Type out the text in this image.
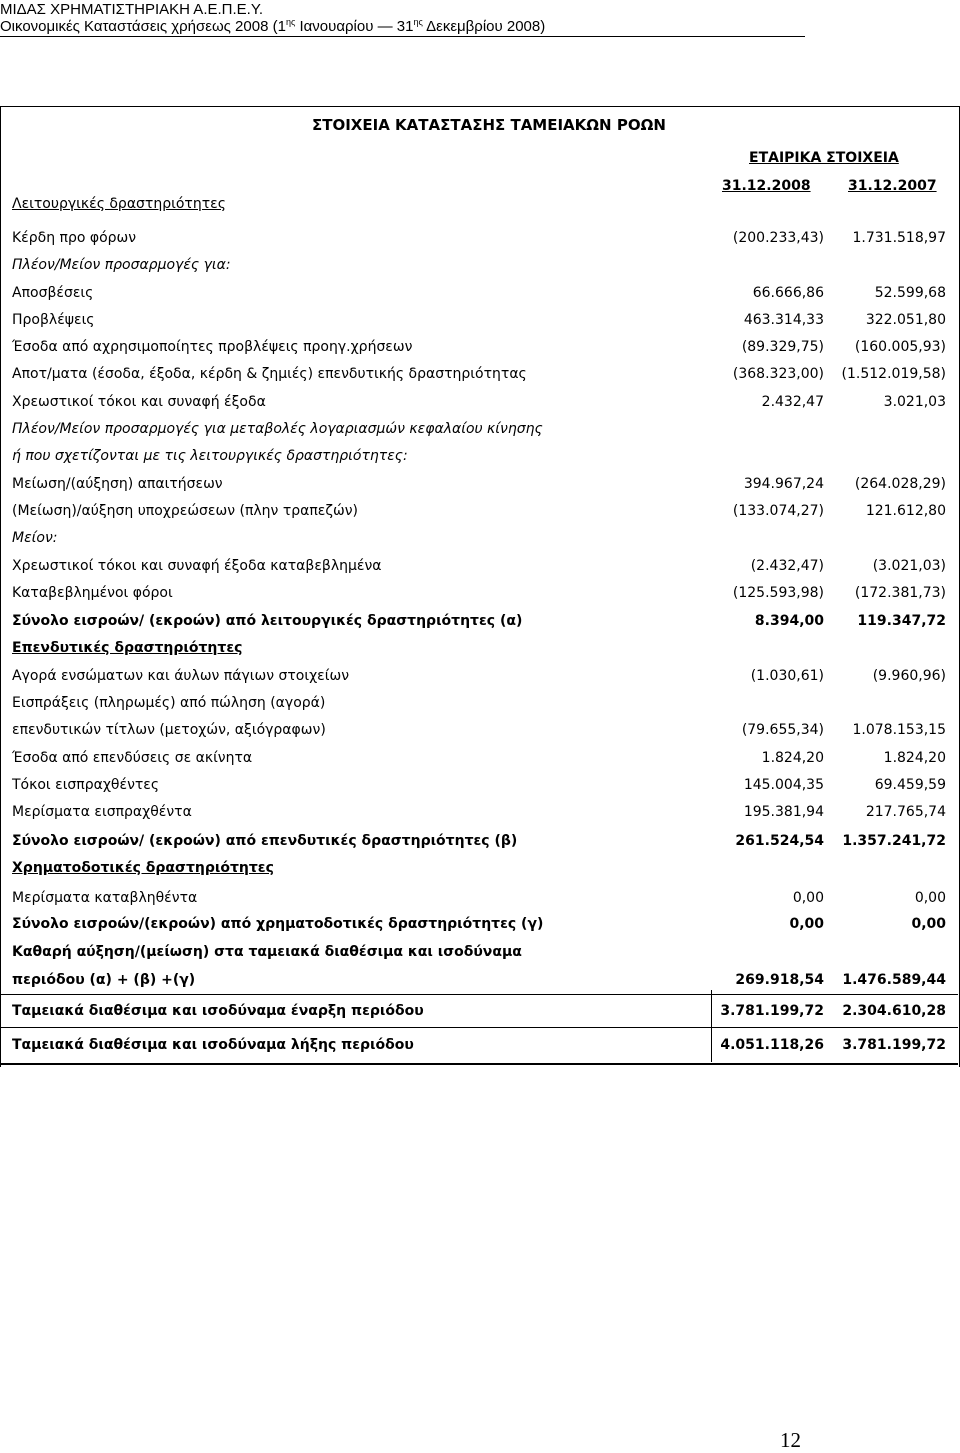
ΜΙΔΑΣ ΧΡΗΜΑΤΙΣΤΗΡΙΑΚΗ Α.Ε.Π.Ε.Υ.
Οικονομικές Καταστάσεις χρήσεως 2008 ($1^{\eta\varsigma}$ Ιανουαρίου — $31^{\eta\varsigma}$ Δεκεμβρίου 2008)
ΣΤΟΙΧΕΙΑ ΚΑΤΑΣΤΑΣΗΣ ΤΑΜΕΙΑΚΩΝ ΡΟΩΝ
ΕΤΑΙΡΙΚΑ ΣΤΟΙΧΕΙΑ
31.12.2008	31.12.2007
Λειτουργικές δραστηριότητες
Κέρδη προ φόρων	(200.233,43) 1.731.518,97
Πλέον/Μείον προσαρμογές για:
Αποσβέσεις	66.666,86	52.599,68
Προβλέψεις	463.314,33	322.051,80
Έσοδα από αχρησιμοποίητες προβλέψεις προηγ.χρήσεων	(89.329,75) (160.005,93)
Αποτ/ματα (έσοδα, έξοδα, κέρδη & ζημιές) επενδυτικής δραστηριότητας	(368.323,00) (1.512.019,58)
Χρεωστικοί τόκοι και συναφή έξοδα	2.432,47	3.021,03
Πλέον/Μείον προσαρμογές για μεταβολές λογαριασμών κεφαλαίου κίνησης
ή που σχετίζονται με τις λειτουργικές δραστηριότητες:
Μείωση/(αύξηση) απαιτήσεων	394.967,24 (264.028,29)
(Μείωση)/αύξηση υποχρεώσεων (πλην τραπεζών)	(133.074,27)	121.612,80
Μείον:
Χρεωστικοί τόκοι και συναφή έξοδα καταβεβλημένα	(2.432,47)	(3.021,03)
Καταβεβλημένοι φόροι	(125.593,98) (172.381,73)
Σύνολο εισροών/ (εκροών) από λειτουργικές δραστηριότητες (α)	8.394,00 119.347,72
Επενδυτικές δραστηριότητες
Αγορά ενσώματων και άυλων πάγιων στοιχείων	(1.030,61)	(9.960,96)
Εισπράξεις (πληρωμές) από πώληση (αγορά)
επενδυτικών τίτλων (μετοχών, αξιόγραφων)	(79.655,34) 1.078.153,15
Έσοδα από επενδύσεις σε ακίνητα	1.824,20	1.824,20
Τόκοι εισπραχθέντες	145.004,35	69.459,59
Μερίσματα εισπραχθέντα	195.381,94	217.765,74
Σύνολο εισροών/ (εκροών) από επενδυτικές δραστηριότητες (β)	261.524,54 1.357.241,72
Χρηματοδοτικές δραστηριότητες
Μερίσματα καταβληθέντα	0,00	0,00
Σύνολο εισροών/(εκροών) από χρηματοδοτικές δραστηριότητες (γ)	0,00	0,00
Καθαρή αύξηση/(μείωση) στα ταμειακά διαθέσιμα και ισοδύναμα
περιόδου (α) + (β) +(γ)	269.918,54 1.476.589,44
Ταμειακά διαθέσιμα και ισοδύναμα έναρξη περιόδου	3.781.199,72 2.304.610,28
Ταμειακά διαθέσιμα και ισοδύναμα λήξης περιόδου	4.051.118,26 3.781.199,72
12
